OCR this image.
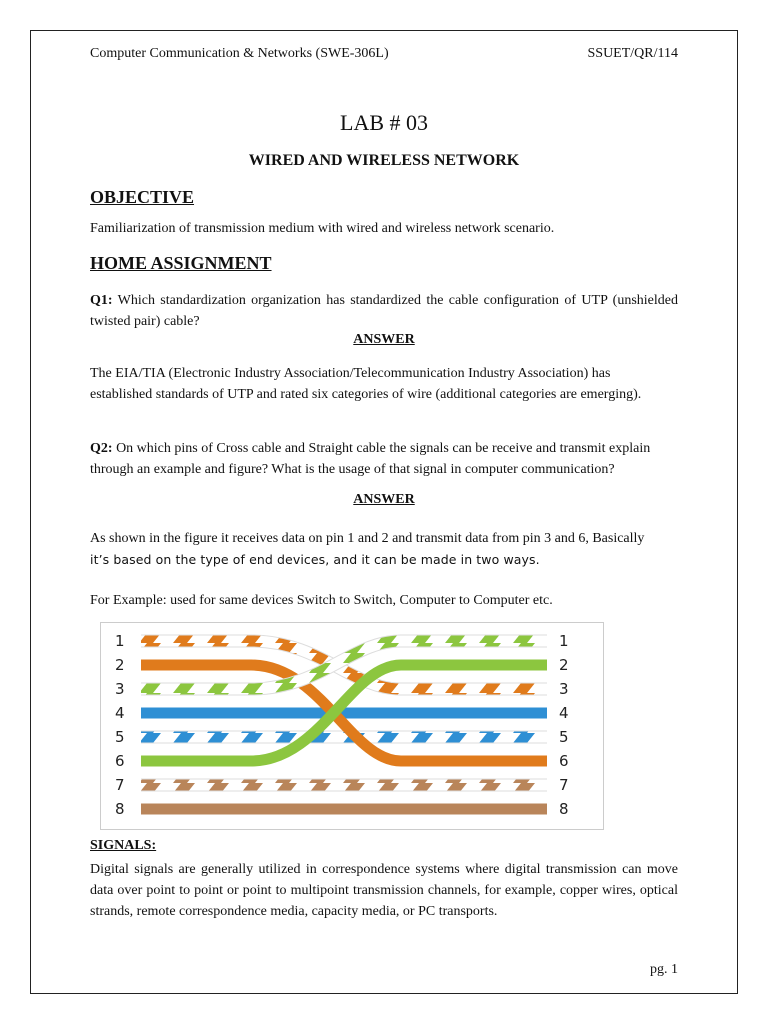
Computer Communication & Networks (SWE-306L)	SSUET/QR/114
LAB # 03
WIRED AND WIRELESS NETWORK
OBJECTIVE
Familiarization of transmission medium with wired and wireless network scenario.
HOME ASSIGNMENT
Q1: Which standardization organization has standardized the cable configuration of UTP (unshielded twisted pair) cable?
ANSWER
The EIA/TIA (Electronic Industry Association/Telecommunication Industry Association) has established standards of UTP and rated six categories of wire (additional categories are emerging).
Q2: On which pins of Cross cable and Straight cable the signals can be receive and transmit explain through an example and figure? What is the usage of that signal in computer communication?
ANSWER
As shown in the figure it receives data on pin 1 and 2 and transmit data from pin 3 and 6, Basically
it’s based on the type of end devices, and it can be made in two ways.
For Example: used for same devices Switch to Switch, Computer to Computer etc.
1
2
3
4
5
6
7
8
1
2
3
4
5
6
7
8
SIGNALS:
Digital signals are generally utilized in correspondence systems where digital transmission can move data over point to point or point to multipoint transmission channels, for example, copper wires, optical strands, remote correspondence media, capacity media, or PC transports.
pg. 1
